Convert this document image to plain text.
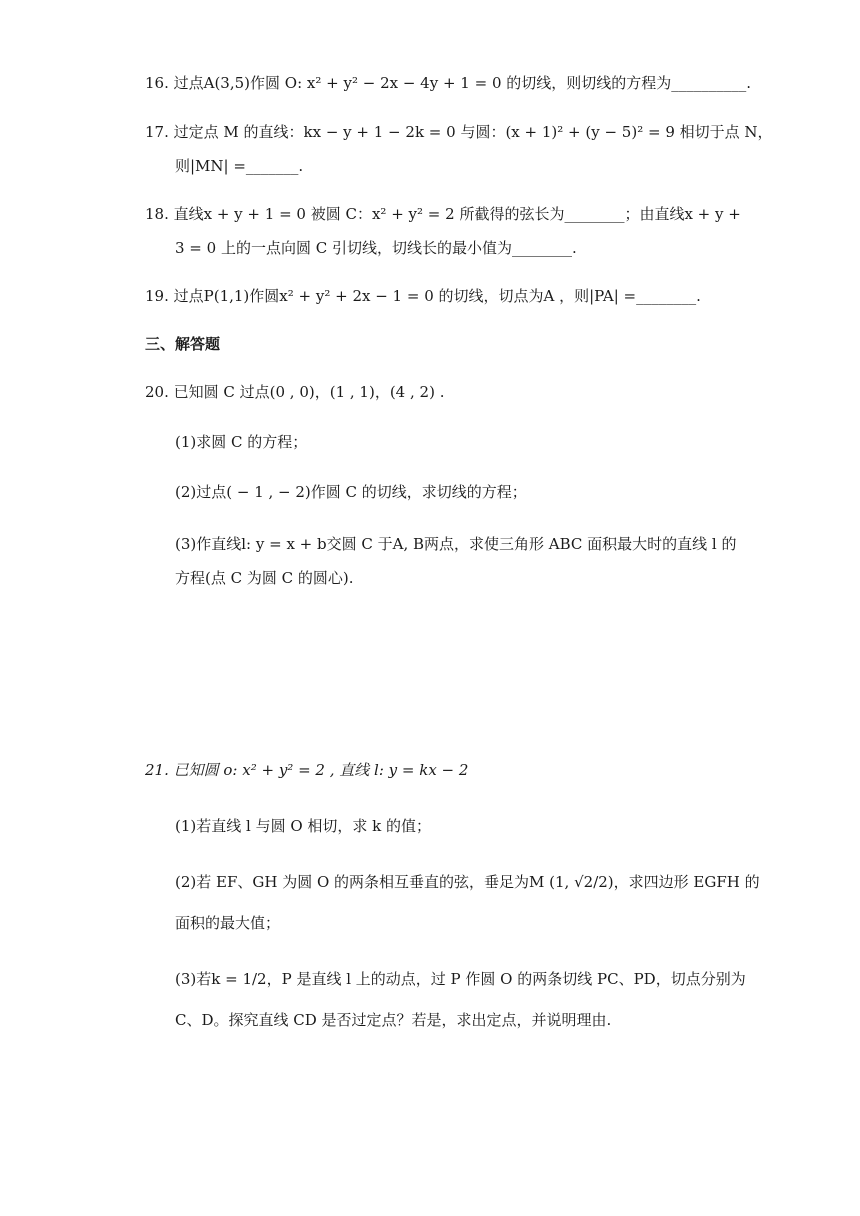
16. 过点A(3,5)作圆 O: x² + y² − 2x − 4y + 1 = 0 的切线，则切线的方程为__________.
17. 过定点 M 的直线：kx − y + 1 − 2k = 0 与圆：(x + 1)² + (y − 5)² = 9 相切于点 N，
则|MN| =_______.
18. 直线x + y + 1 = 0 被圆 C：x² + y² = 2 所截得的弦长为________；由直线x + y +
3 = 0 上的一点向圆 C 引切线，切线长的最小值为________.
19. 过点P(1,1)作圆x² + y² + 2x − 1 = 0 的切线，切点为A ，则|PA| =________.
三、解答题
20. 已知圆 C 过点(0 , 0)，(1 , 1)，(4 , 2) .
(1)求圆 C 的方程；
(2)过点( − 1 , − 2)作圆 C 的切线，求切线的方程；
(3)作直线l: y = x + b交圆 C 于A, B两点，求使三角形 ABC 面积最大时的直线 l 的
方程(点 C 为圆 C 的圆心).
21. 已知圆 o: x² + y² = 2 , 直线 l: y = kx − 2
(1)若直线 l 与圆 O 相切，求 k 的值；
(2)若 EF、GH 为圆 O 的两条相互垂直的弦，垂足为M (1, √2/2)，求四边形 EGFH 的
面积的最大值；
(3)若k = 1/2，P 是直线 l 上的动点，过 P 作圆 O 的两条切线 PC、PD，切点分别为
C、D。探究直线 CD 是否过定点？若是，求出定点，并说明理由.
